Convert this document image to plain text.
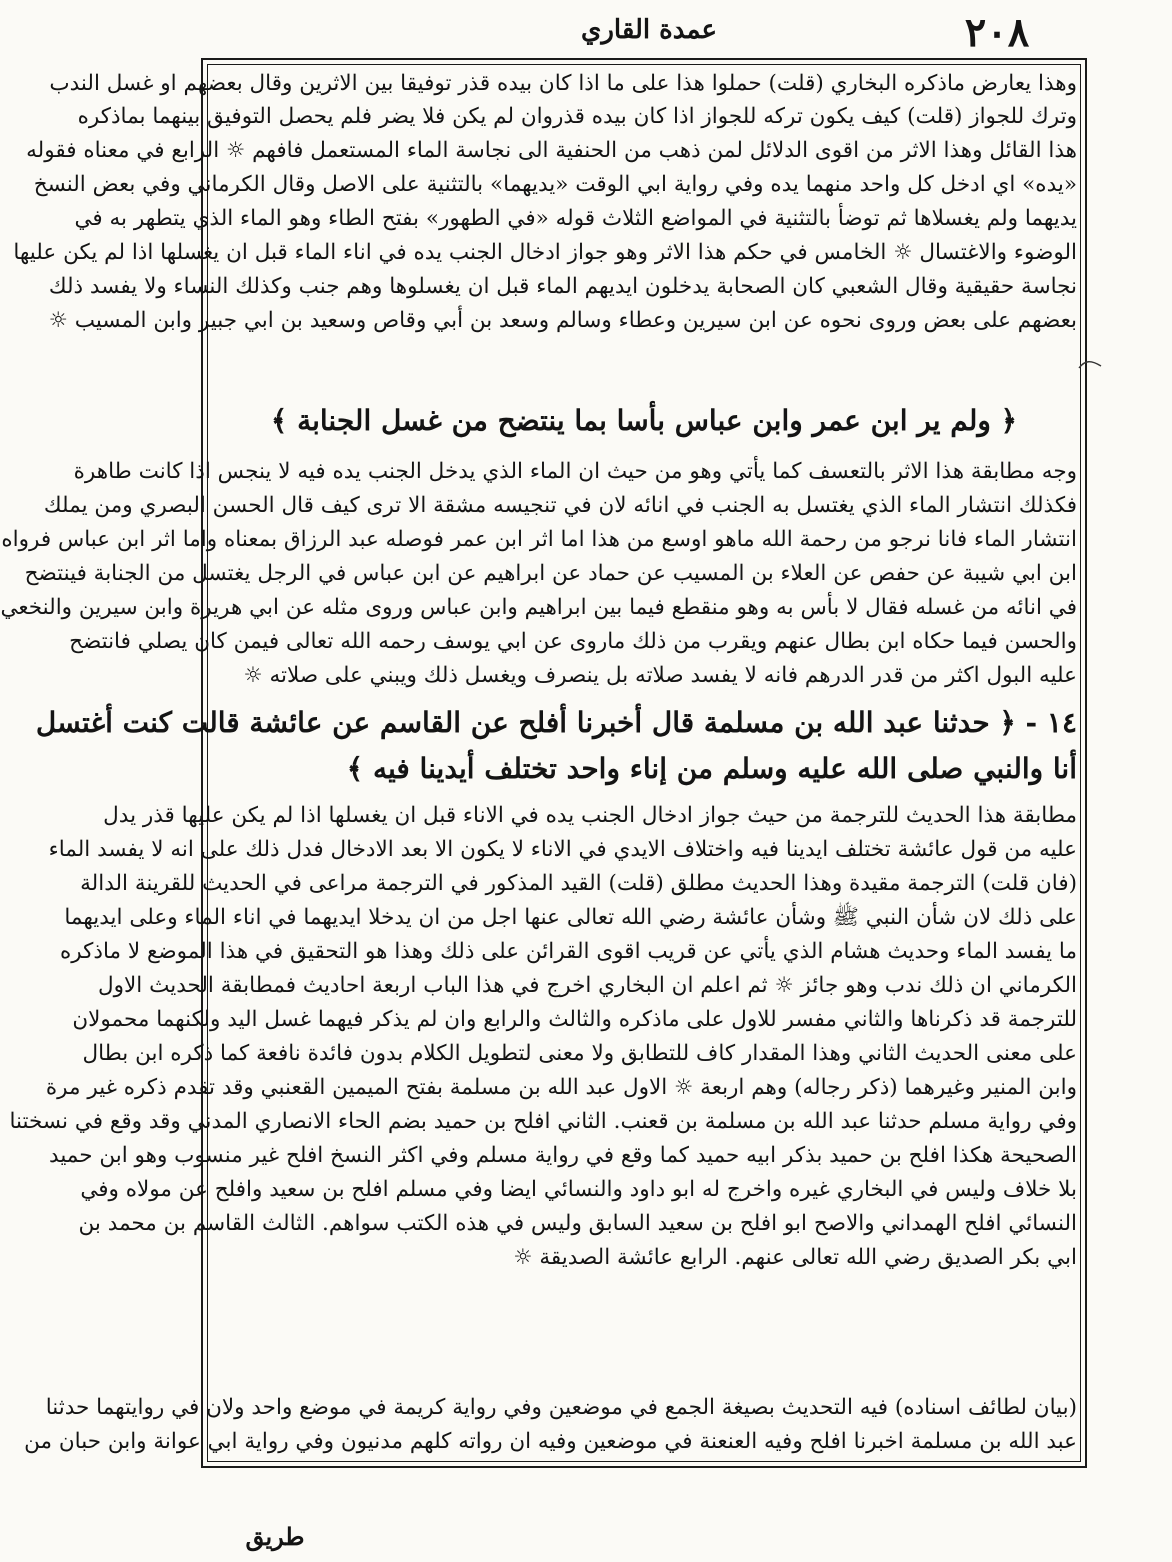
٢٠٨
عمدة القاري
وهذا يعارض ماذكره البخاري (قلت) حملوا هذا على ما اذا كان بيده قذر توفيقا بين الاثرين وقال بعضهم او غسل الندب
وترك للجواز (قلت) كيف يكون تركه للجواز اذا كان بيده قذروان لم يكن فلا يضر فلم يحصل التوفيق بينهما بماذكره
هذا القائل وهذا الاثر من اقوى الدلائل لمن ذهب من الحنفية الى نجاسة الماء المستعمل فافهم ☼ الرابع في معناه فقوله
«يده» اي ادخل كل واحد منهما يده وفي رواية ابي الوقت «يديهما» بالتثنية على الاصل وقال الكرماني وفي بعض النسخ
يديهما ولم يغسلاها ثم توضأ بالتثنية في المواضع الثلاث قوله «في الطهور» بفتح الطاء وهو الماء الذي يتطهر به في
الوضوء والاغتسال ☼ الخامس في حكم هذا الاثر وهو جواز ادخال الجنب يده في اناء الماء قبل ان يغسلها اذا لم يكن عليها
نجاسة حقيقية وقال الشعبي كان الصحابة يدخلون ايديهم الماء قبل ان يغسلوها وهم جنب وكذلك النساء ولا يفسد ذلك
بعضهم على بعض وروى نحوه عن ابن سيرين وعطاء وسالم وسعد بن أبي وقاص وسعيد بن ابي جبير وابن المسيب ☼
﴿ ولم ير ابن عمر وابن عباس بأسا بما ينتضح من غسل الجنابة ﴾
وجه مطابقة هذا الاثر بالتعسف كما يأتي وهو من حيث ان الماء الذي يدخل الجنب يده فيه لا ينجس اذا كانت طاهرة
فكذلك انتشار الماء الذي يغتسل به الجنب في انائه لان في تنجيسه مشقة الا ترى كيف قال الحسن البصري ومن يملك
انتشار الماء فانا نرجو من رحمة الله ماهو اوسع من هذا اما اثر ابن عمر فوصله عبد الرزاق بمعناه واما اثر ابن عباس فرواه
ابن ابي شيبة عن حفص عن العلاء بن المسيب عن حماد عن ابراهيم عن ابن عباس في الرجل يغتسل من الجنابة فينتضح
في انائه من غسله فقال لا بأس به وهو منقطع فيما بين ابراهيم وابن عباس وروى مثله عن ابي هريرة وابن سيرين والنخعي
والحسن فيما حكاه ابن بطال عنهم ويقرب من ذلك ماروى عن ابي يوسف رحمه الله تعالى فيمن كان يصلي فانتضح
عليه البول اكثر من قدر الدرهم فانه لا يفسد صلاته بل ينصرف ويغسل ذلك ويبني على صلاته ☼
١٤ - ﴿ حدثنا عبد الله بن مسلمة قال أخبرنا أفلح عن القاسم عن عائشة قالت كنت أغتسل
أنا والنبي صلى الله عليه وسلم من إناء واحد تختلف أيدينا فيه ﴾
مطابقة هذا الحديث للترجمة من حيث جواز ادخال الجنب يده في الاناء قبل ان يغسلها اذا لم يكن عليها قذر يدل
عليه من قول عائشة تختلف ايدينا فيه واختلاف الايدي في الاناء لا يكون الا بعد الادخال فدل ذلك على انه لا يفسد الماء
(فان قلت) الترجمة مقيدة وهذا الحديث مطلق (قلت) القيد المذكور في الترجمة مراعى في الحديث للقرينة الدالة
على ذلك لان شأن النبي ﷺ وشأن عائشة رضي الله تعالى عنها اجل من ان يدخلا ايديهما في اناء الماء وعلى ايديهما
ما يفسد الماء وحديث هشام الذي يأتي عن قريب اقوى القرائن على ذلك وهذا هو التحقيق في هذا الموضع لا ماذكره
الكرماني ان ذلك ندب وهو جائز ☼ ثم اعلم ان البخاري اخرج في هذا الباب اربعة احاديث فمطابقة الحديث الاول
للترجمة قد ذكرناها والثاني مفسر للاول على ماذكره والثالث والرابع وان لم يذكر فيهما غسل اليد ولكنهما محمولان
على معنى الحديث الثاني وهذا المقدار كاف للتطابق ولا معنى لتطويل الكلام بدون فائدة نافعة كما ذكره ابن بطال
وابن المنير وغيرهما (ذكر رجاله) وهم اربعة ☼ الاول عبد الله بن مسلمة بفتح الميمين القعنبي وقد تقدم ذكره غير مرة
وفي رواية مسلم حدثنا عبد الله بن مسلمة بن قعنب. الثاني افلح بن حميد بضم الحاء الانصاري المدني وقد وقع في نسختنا
الصحيحة هكذا افلح بن حميد بذكر ابيه حميد كما وقع في رواية مسلم وفي اكثر النسخ افلح غير منسوب وهو ابن حميد
بلا خلاف وليس في البخاري غيره واخرج له ابو داود والنسائي ايضا وفي مسلم افلح بن سعيد وافلح عن مولاه وفي
النسائي افلح الهمداني والاصح ابو افلح بن سعيد السابق وليس في هذه الكتب سواهم. الثالث القاسم بن محمد بن
ابي بكر الصديق رضي الله تعالى عنهم. الرابع عائشة الصديقة ☼
(بيان لطائف اسناده) فيه التحديث بصيغة الجمع في موضعين وفي رواية كريمة في موضع واحد ولان في روايتهما حدثنا
عبد الله بن مسلمة اخبرنا افلح وفيه العنعنة في موضعين وفيه ان رواته كلهم مدنيون وفي رواية ابي عوانة وابن حبان من
طريق
